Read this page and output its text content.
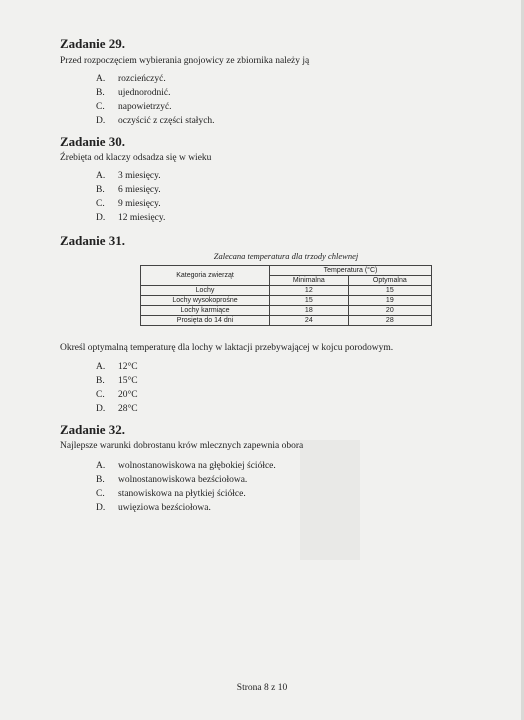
Zadanie 29.
Przed rozpoczęciem wybierania gnojowicy ze zbiornika należy ją
A. rozcieńczyć.
B. ujednorodnić.
C. napowietrzyć.
D. oczyścić z części stałych.
Zadanie 30.
Źrebięta od klaczy odsadza się w wieku
A. 3 miesięcy.
B. 6 miesięcy.
C. 9 miesięcy.
D. 12 miesięcy.
Zadanie 31.
Zalecana temperatura dla trzody chlewnej
Kategoria zwierząt	Temperatura (°C)	
	Minimalna	Optymalna
Lochy	12	15
Lochy wysokoprośne	15	19
Lochy karmiące	18	20
Prosięta do 14 dni	24	28
Określ optymalną temperaturę dla lochy w laktacji przebywającej w kojcu porodowym.
A. 12°C
B. 15°C
C. 20°C
D. 28°C
Zadanie 32.
Najlepsze warunki dobrostanu krów mlecznych zapewnia obora
A. wolnostanowiskowa na głębokiej ściółce.
B. wolnostanowiskowa bezściołowa.
C. stanowiskowa na płytkiej ściółce.
D. uwięziowa bezściołowa.
Strona 8 z 10
